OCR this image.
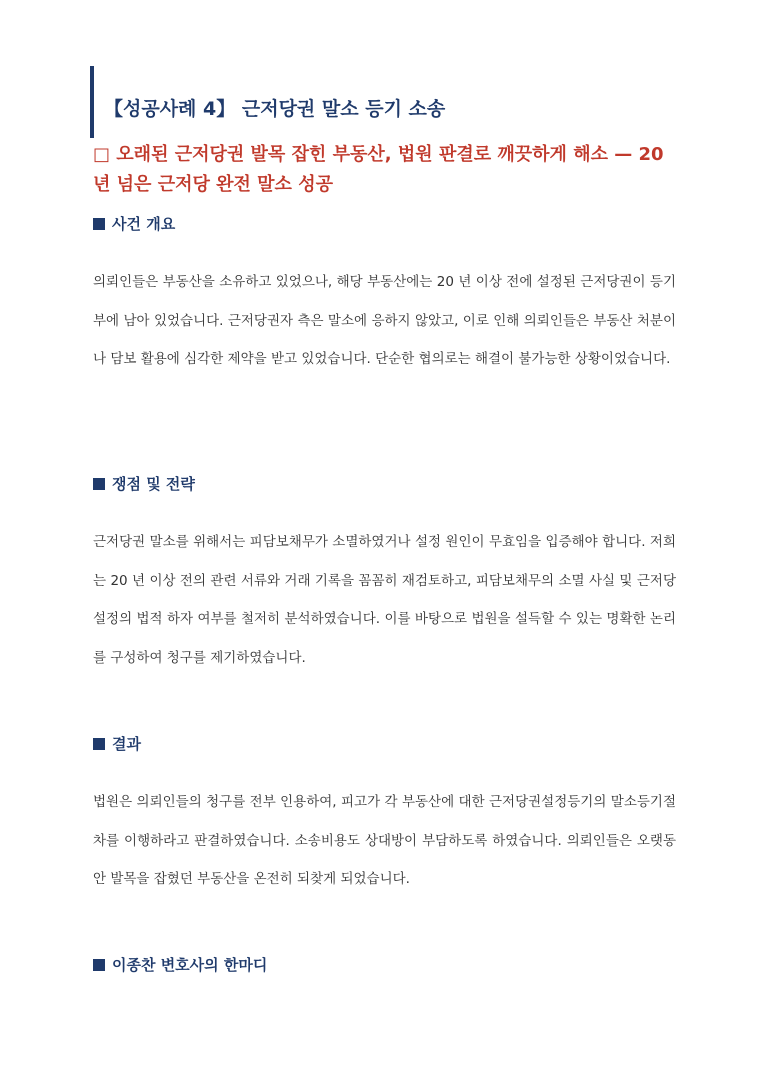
【성공사례 4】 근저당권 말소 등기 소송
□ 오래된 근저당권 발목 잡힌 부동산, 법원 판결로 깨끗하게 해소 — 20 년 넘은 근저당 완전 말소 성공
사건 개요
의뢰인들은 부동산을 소유하고 있었으나, 해당 부동산에는 20 년 이상 전에 설정된 근저당권이 등기부에 남아 있었습니다. 근저당권자 측은 말소에 응하지 않았고, 이로 인해 의뢰인들은 부동산 처분이나 담보 활용에 심각한 제약을 받고 있었습니다. 단순한 협의로는 해결이 불가능한 상황이었습니다.
쟁점 및 전략
근저당권 말소를 위해서는 피담보채무가 소멸하였거나 설정 원인이 무효임을 입증해야 합니다. 저희는 20 년 이상 전의 관련 서류와 거래 기록을 꼼꼼히 재검토하고, 피담보채무의 소멸 사실 및 근저당 설정의 법적 하자 여부를 철저히 분석하였습니다. 이를 바탕으로 법원을 설득할 수 있는 명확한 논리를 구성하여 청구를 제기하였습니다.
결과
법원은 의뢰인들의 청구를 전부 인용하여, 피고가 각 부동산에 대한 근저당권설정등기의 말소등기절차를 이행하라고 판결하였습니다. 소송비용도 상대방이 부담하도록 하였습니다. 의뢰인들은 오랫동안 발목을 잡혔던 부동산을 온전히 되찾게 되었습니다.
이종찬 변호사의 한마디
